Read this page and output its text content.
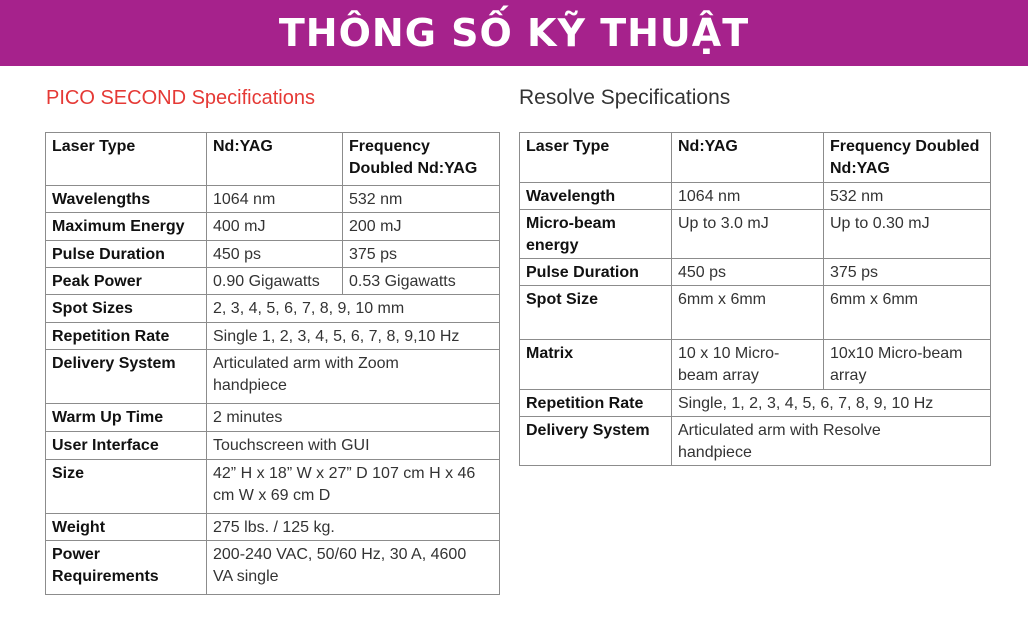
THÔNG SỐ KỸ THUẬT
PICO SECOND Specifications	Resolve Specifications
Laser Type	Nd:YAG	Frequency Doubled Nd:YAG
Wavelengths	1064 nm	532 nm
Maximum Energy	400 mJ	200 mJ
Pulse Duration	450 ps	375 ps
Peak Power	0.90 Gigawatts	0.53 Gigawatts
Spot Sizes	2, 3, 4, 5, 6, 7, 8, 9, 10 mm	
Repetition Rate	Single 1, 2, 3, 4, 5, 6, 7, 8, 9,10 Hz	
Delivery System	Articulated arm with Zoom handpiece	
Warm Up Time	2 minutes	
User Interface	Touchscreen with GUI	
Size	42” H x 18” W x 27” D 107 cm H x 46 cm W x 69 cm D	
Weight	275 lbs. / 125 kg.	
Power Requirements	200-240 VAC, 50/60 Hz, 30 A, 4600 VA single	
Laser Type	Nd:YAG	Frequency Doubled Nd:YAG
Wavelength	1064 nm	532 nm
Micro-beam energy	Up to 3.0 mJ	Up to 0.30 mJ
Pulse Duration	450 ps	375 ps
Spot Size	6mm x 6mm	6mm x 6mm
Matrix	10 x 10 Micro-beam array	10x10 Micro-beam array
Repetition Rate	Single, 1, 2, 3, 4, 5, 6, 7, 8, 9, 10 Hz	
Delivery System	Articulated arm with Resolve handpiece	
